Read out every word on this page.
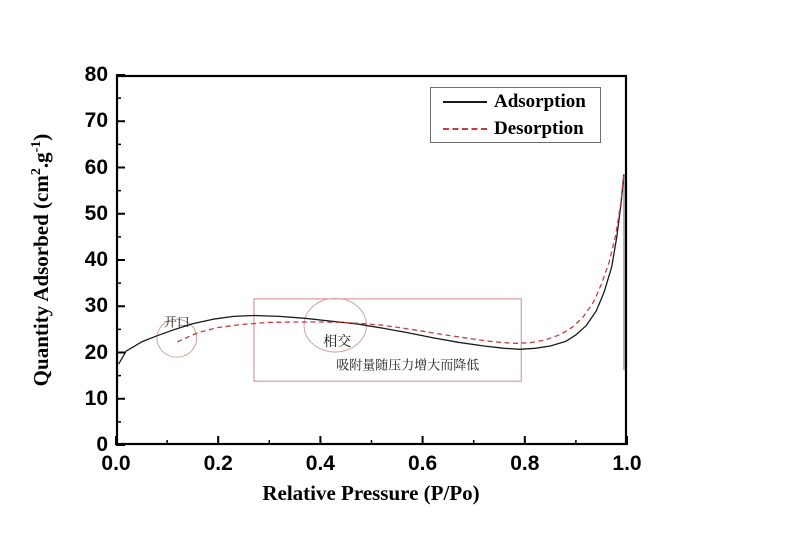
Quantity Adsorbed $(cm^2.g^{-1})$
Relative Pressure (P/Po)
Adsorption
Desorption
0.0	0.2	0.4	0.6	0.8	1.0
0
10
20
30
40
50
60
70
80
开口
相交
吸附量随压力增大而降低
